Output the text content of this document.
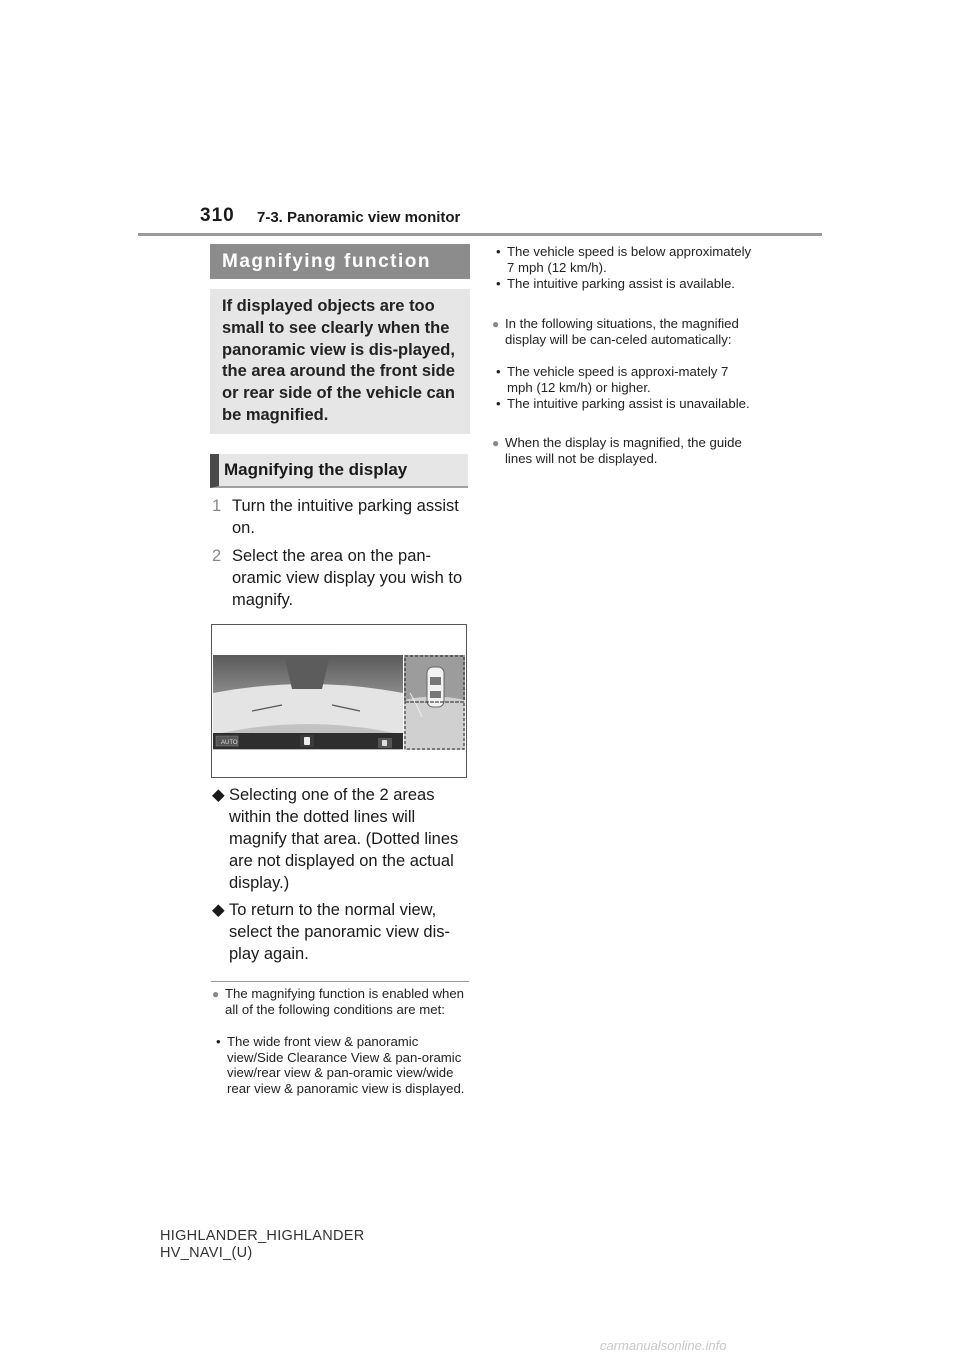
310 7-3. Panoramic view monitor
Magnifying function
If displayed objects are too small to see clearly when the panoramic view is dis-played, the area around the front side or rear side of the vehicle can be magnified.
Magnifying the display
1 Turn the intuitive parking assist on.
2 Select the area on the pan-oramic view display you wish to magnify.
AUTO
◆ Selecting one of the 2 areas within the dotted lines will magnify that area. (Dotted lines are not displayed on the actual display.)
◆ To return to the normal view, select the panoramic view dis-play again.
● The magnifying function is enabled when all of the following conditions are met:
• The wide front view & panoramic view/Side Clearance View & pan-oramic view/rear view & pan-oramic view/wide rear view & panoramic view is displayed.
• The vehicle speed is below approximately 7 mph (12 km/h).
• The intuitive parking assist is available.
● In the following situations, the magnified display will be can-celed automatically:
• The vehicle speed is approxi-mately 7 mph (12 km/h) or higher.
• The intuitive parking assist is unavailable.
● When the display is magnified, the guide lines will not be displayed.
HIGHLANDER_HIGHLANDER
HV_NAVI_(U)
carmanualsonline.info
